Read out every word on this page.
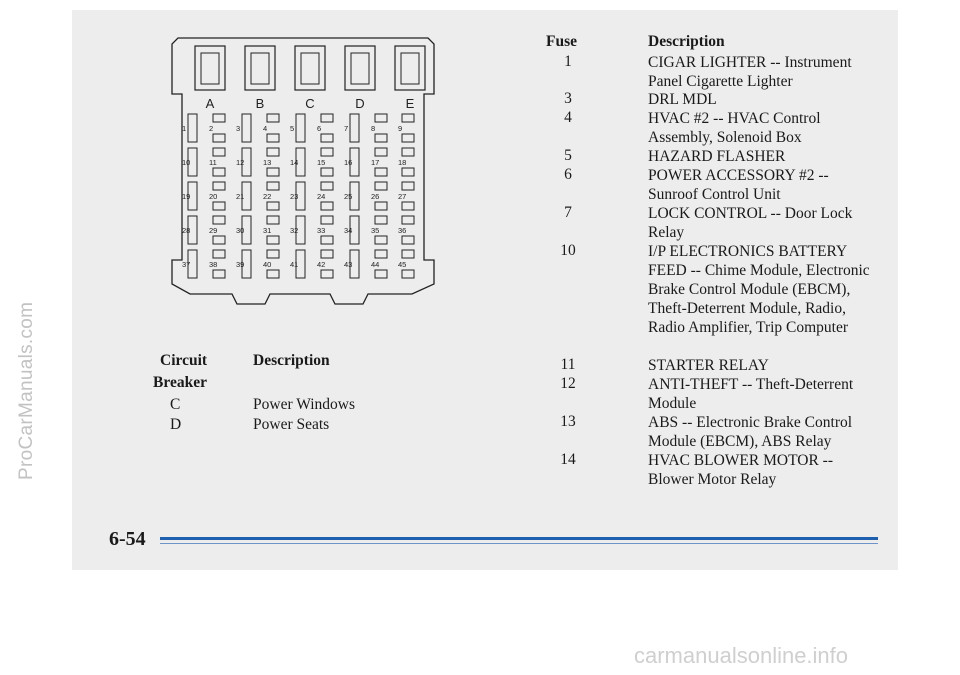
ProCarManuals.com
carmanualsonline.info
A	B	C	D	E
1	2	3	4	5	6	7	8	9
10 11	12 13 14 15 16 17 18
19 20 21 22 23 24 25 26 27
28 29 30 31 32 33 34 35 36
37 38 39 40 41 42 43 44 45
Circuit
Breaker
Description
C	Power Windows
D	Power Seats
Fuse	Description
1	CIGAR LIGHTER -- Instrument Panel Cigarette Lighter
3	DRL MDL
4	HVAC #2 -- HVAC Control Assembly, Solenoid Box
5	HAZARD FLASHER
6	POWER ACCESSORY #2 -- Sunroof Control Unit
7	LOCK CONTROL -- Door Lock Relay
10	I/P ELECTRONICS BATTERY FEED -- Chime Module, Electronic Brake Control Module (EBCM), Theft-Deterrent Module, Radio, Radio Amplifier, Trip Computer
11	STARTER RELAY
12	ANTI-THEFT -- Theft-Deterrent Module
13	ABS -- Electronic Brake Control Module (EBCM), ABS Relay
14	HVAC BLOWER MOTOR -- Blower Motor Relay
6-54
